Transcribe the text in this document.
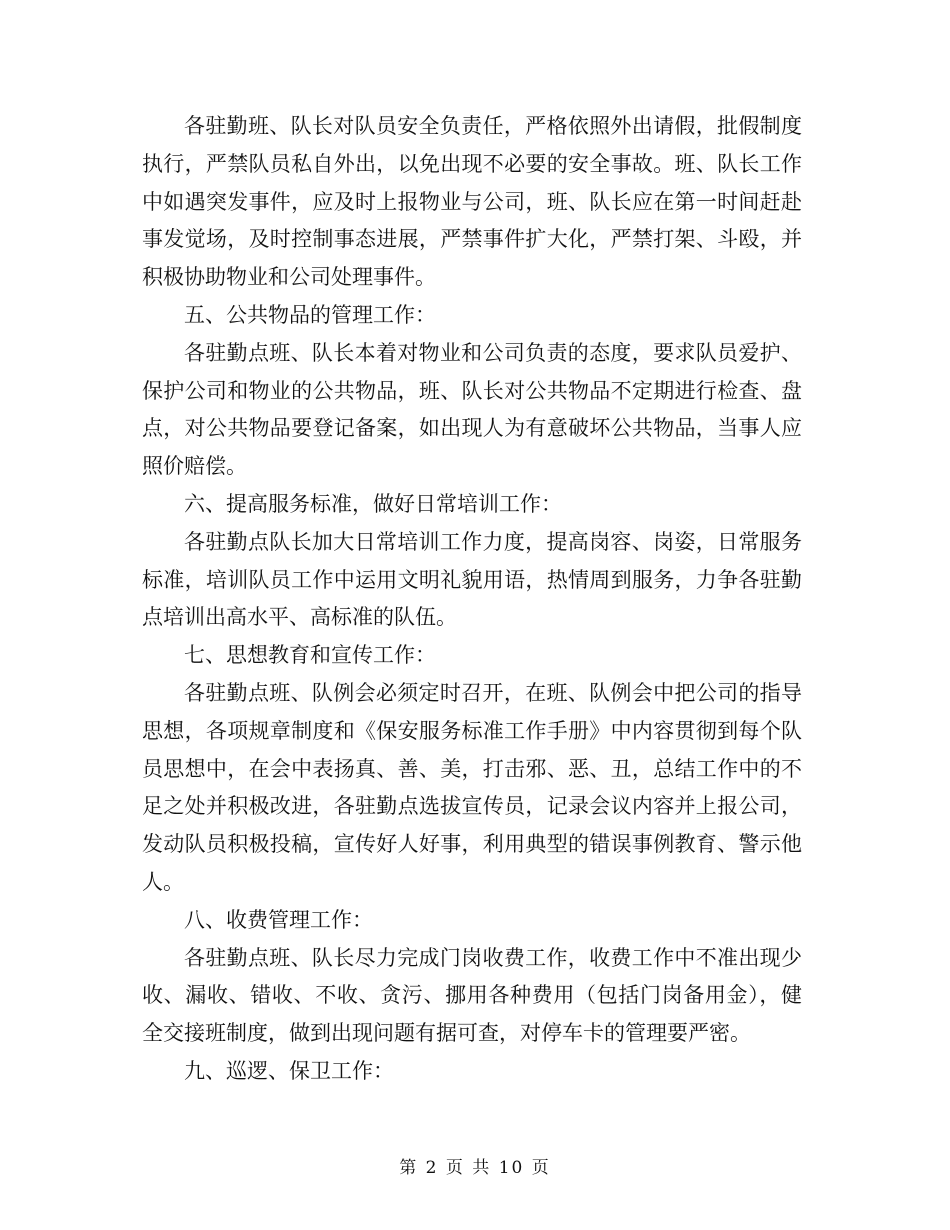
各驻勤班、队长对队员安全负责任，严格依照外出请假，批假制度执行，严禁队员私自外出，以免出现不必要的安全事故。班、队长工作中如遇突发事件，应及时上报物业与公司，班、队长应在第一时间赶赴事发觉场，及时控制事态进展，严禁事件扩大化，严禁打架、斗殴，并积极协助物业和公司处理事件。

五、公共物品的管理工作：

各驻勤点班、队长本着对物业和公司负责的态度，要求队员爱护、保护公司和物业的公共物品，班、队长对公共物品不定期进行检查、盘点，对公共物品要登记备案，如出现人为有意破坏公共物品，当事人应照价赔偿。

六、提高服务标准，做好日常培训工作：

各驻勤点队长加大日常培训工作力度，提高岗容、岗姿，日常服务标准，培训队员工作中运用文明礼貌用语，热情周到服务，力争各驻勤点培训出高水平、高标准的队伍。

七、思想教育和宣传工作：

各驻勤点班、队例会必须定时召开，在班、队例会中把公司的指导思想，各项规章制度和《保安服务标准工作手册》中内容贯彻到每个队员思想中，在会中表扬真、善、美，打击邪、恶、丑，总结工作中的不足之处并积极改进，各驻勤点选拔宣传员，记录会议内容并上报公司，发动队员积极投稿，宣传好人好事，利用典型的错误事例教育、警示他人。

八、收费管理工作：

各驻勤点班、队长尽力完成门岗收费工作，收费工作中不准出现少收、漏收、错收、不收、贪污、挪用各种费用（包括门岗备用金），健全交接班制度，做到出现问题有据可查，对停车卡的管理要严密。

九、巡逻、保卫工作：

第 2 页 共 10 页
